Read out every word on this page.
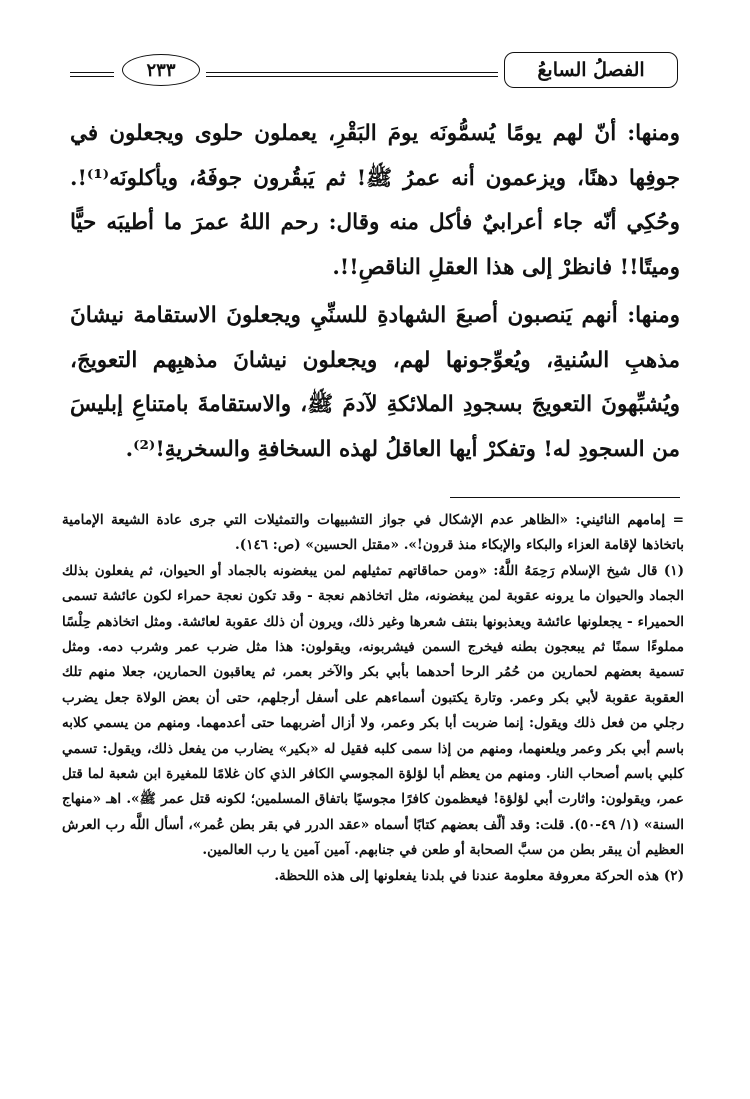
الفصلُ السابعُ
٢٣٣

ومنها: أنّ لهم يومًا يُسمُّونَه يومَ البَقْرِ، يعملون حلوى ويجعلون في جوفِها دهنًا، ويزعمون أنه عمرُ ﷺ! ثم يَبقُرون جوفَهُ، ويأكلونَه⁽¹⁾!. وحُكِي أنّه جاء أعرابيٌ فأكل منه وقال: رحم اللهُ عمرَ ما أطيبَه حيًّا وميتًا!! فانظرْ إلى هذا العقلِ الناقصِ!!.

ومنها: أنهم يَنصبون أصبعَ الشهادةِ للسنِّيِ ويجعلونَ الاستقامة نيشانَ مذهبِ السُنيةِ، ويُعوِّجونها لهم، ويجعلون نيشانَ مذهبِهم التعويجَ، ويُشبِّهونَ التعويجَ بسجودِ الملائكةِ لآدمَ ﷺ، والاستقامةَ بامتناعِ إبليسَ من السجودِ له! وتفكرْ أيها العاقلُ لهذه السخافةِ والسخريةِ!⁽²⁾.

= إمامهم النائيني: «الظاهر عدم الإشكال في جواز التشبيهات والتمثيلات التي جرى عادة الشيعة الإمامية باتخاذها لإقامة العزاء والبكاء والإبكاء منذ قرون!». «مقتل الحسين» (ص: ١٤٦).

(١) قال شيخ الإسلام رَحِمَهُ اللَّهُ: «ومن حماقاتهم تمثيلهم لمن يبغضونه بالجماد أو الحيوان، ثم يفعلون بذلك الجماد والحيوان ما يرونه عقوبة لمن يبغضونه، مثل اتخاذهم نعجة - وقد تكون نعجة حمراء لكون عائشة تسمى الحميراء - يجعلونها عائشة ويعذبونها بنتف شعرها وغير ذلك، ويرون أن ذلك عقوبة لعائشة. ومثل اتخاذهم حِلْسًا مملوءًا سمنًا ثم يبعجون بطنه فيخرج السمن فيشربونه، ويقولون: هذا مثل ضرب عمر وشرب دمه. ومثل تسمية بعضهم لحمارين من حُمُر الرحا أحدهما بأبي بكر والآخر بعمر، ثم يعاقبون الحمارين، جعلا منهم تلك العقوبة عقوبة لأبي بكر وعمر. وتارة يكتبون أسماءهم على أسفل أرجلهم، حتى أن بعض الولاة جعل يضرب رجلي من فعل ذلك ويقول: إنما ضربت أبا بكر وعمر، ولا أزال أضربهما حتى أعدمهما. ومنهم من يسمي كلابه باسم أبي بكر وعمر ويلعنهما، ومنهم من إذا سمى كلبه فقيل له «بكير» يضارب من يفعل ذلك، ويقول: تسمي كلبي باسم أصحاب النار. ومنهم من يعظم أبا لؤلؤة المجوسي الكافر الذي كان غلامًا للمغيرة ابن شعبة لما قتل عمر، ويقولون: واثارت أبي لؤلؤة! فيعظمون كافرًا مجوسيًا باتفاق المسلمين؛ لكونه قتل عمر ﷺ». اهـ «منهاج السنة» (١/ ٤٩-٥٠). قلت: وقد ألّف بعضهم كتابًا أسماه «عقد الدرر في بقر بطن عُمر»، أسأل اللَّه رب العرش العظيم أن يبقر بطن من سبَّ الصحابة أو طعن في جنابهم. آمين آمين يا رب العالمين.

(٢) هذه الحركة معروفة معلومة عندنا في بلدنا يفعلونها إلى هذه اللحظة.
